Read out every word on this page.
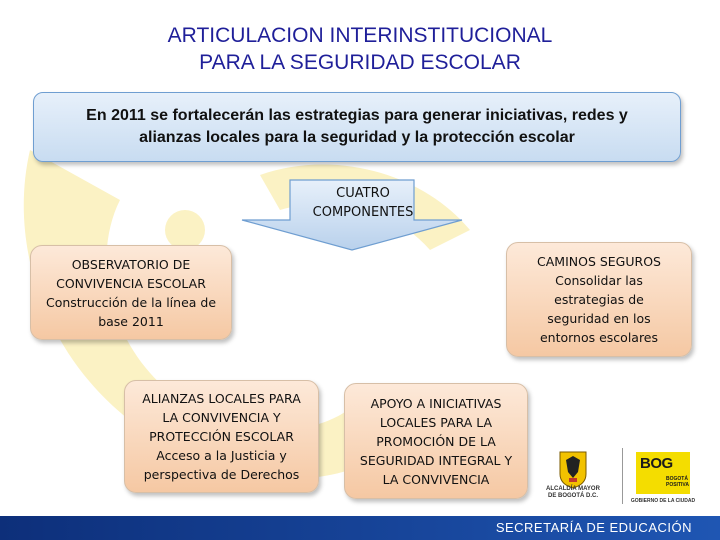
ARTICULACION INTERINSTITUCIONAL
PARA LA SEGURIDAD ESCOLAR
En 2011 se fortalecerán las estrategias para generar iniciativas, redes y
alianzas locales para la seguridad y la protección escolar
CUATRO
COMPONENTES
OBSERVATORIO DE
CONVIVENCIA ESCOLAR
Construcción de la línea de
base 2011
CAMINOS SEGUROS
Consolidar las
estrategias de
seguridad en los
entornos escolares
ALIANZAS LOCALES PARA
LA CONVIVENCIA Y
PROTECCIÓN ESCOLAR
Acceso a la Justicia y
perspectiva de Derechos
APOYO A INICIATIVAS
LOCALES PARA LA
PROMOCIÓN DE LA
SEGURIDAD INTEGRAL Y
LA CONVIVENCIA
ALCALDÍA MAYOR
DE BOGOTÁ D.C.
BOG
BOGOTÁ
POSITIVA
GOBIERNO DE LA CIUDAD
SECRETARÍA DE EDUCACIÓN
